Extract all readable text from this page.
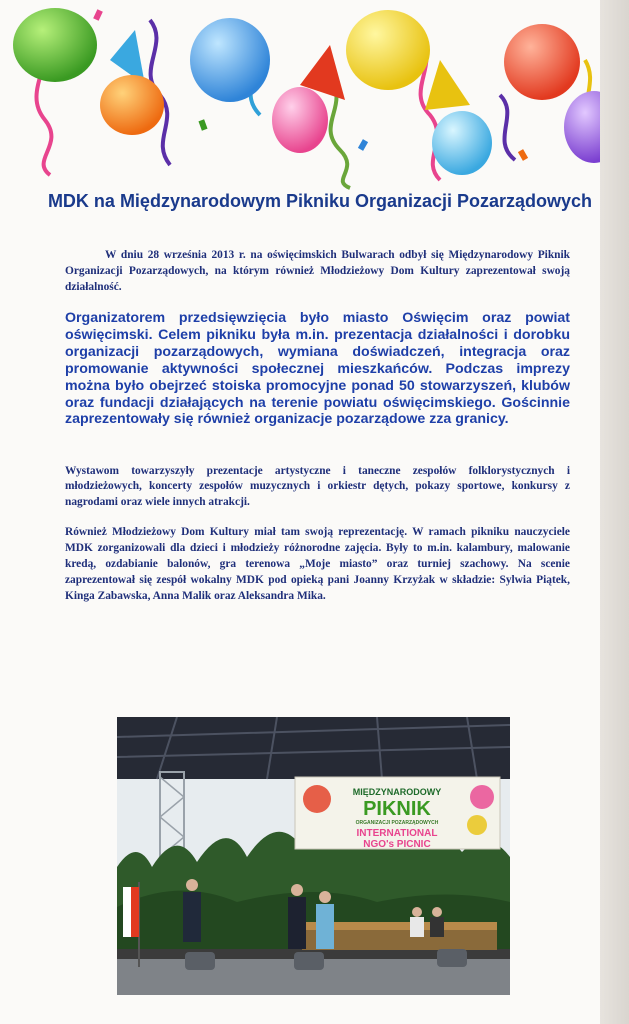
MDK na Międzynarodowym Pikniku Organizacji Pozarządowych

W dniu 28 września 2013 r. na oświęcimskich Bulwarach odbył się Międzynarodowy Piknik Organizacji Pozarządowych, na którym również Młodzieżowy Dom Kultury zaprezentował swoją działalność.

Organizatorem przedsięwzięcia było miasto Oświęcim oraz powiat oświęcimski. Celem pikniku była m.in. prezentacja działalności i dorobku organizacji pozarządowych, wymiana doświadczeń, integracja oraz promowanie aktywności społecznej mieszkańców. Podczas imprezy można było obejrzeć stoiska promocyjne ponad 50 stowarzyszeń, klubów oraz fundacji działających na terenie powiatu oświęcimskiego. Gościnnie zaprezentowały się również organizacje pozarządowe zza granicy.

Wystawom towarzyszyły prezentacje artystyczne i taneczne zespołów folklorystycznych i młodzieżowych, koncerty zespołów muzycznych i orkiestr dętych, pokazy sportowe, konkursy z nagrodami oraz wiele innych atrakcji.

Również Młodzieżowy Dom Kultury miał tam swoją reprezentację. W ramach pikniku nauczyciele MDK zorganizowali dla dzieci i młodzieży różnorodne zajęcia. Były to m.in. kalambury, malowanie kredą, ozdabianie balonów, gra terenowa „Moje miasto” oraz turniej szachowy. Na scenie zaprezentował się zespół wokalny MDK pod opieką pani Joanny Krzyżak w składzie: Sylwia Piątek, Kinga Zabawska, Anna Malik oraz Aleksandra Mika.

MIĘDZYNARODOWY
PIKNIK
ORGANIZACJI POZARZĄDOWYCH
INTERNATIONAL
NGO's PICNIC
